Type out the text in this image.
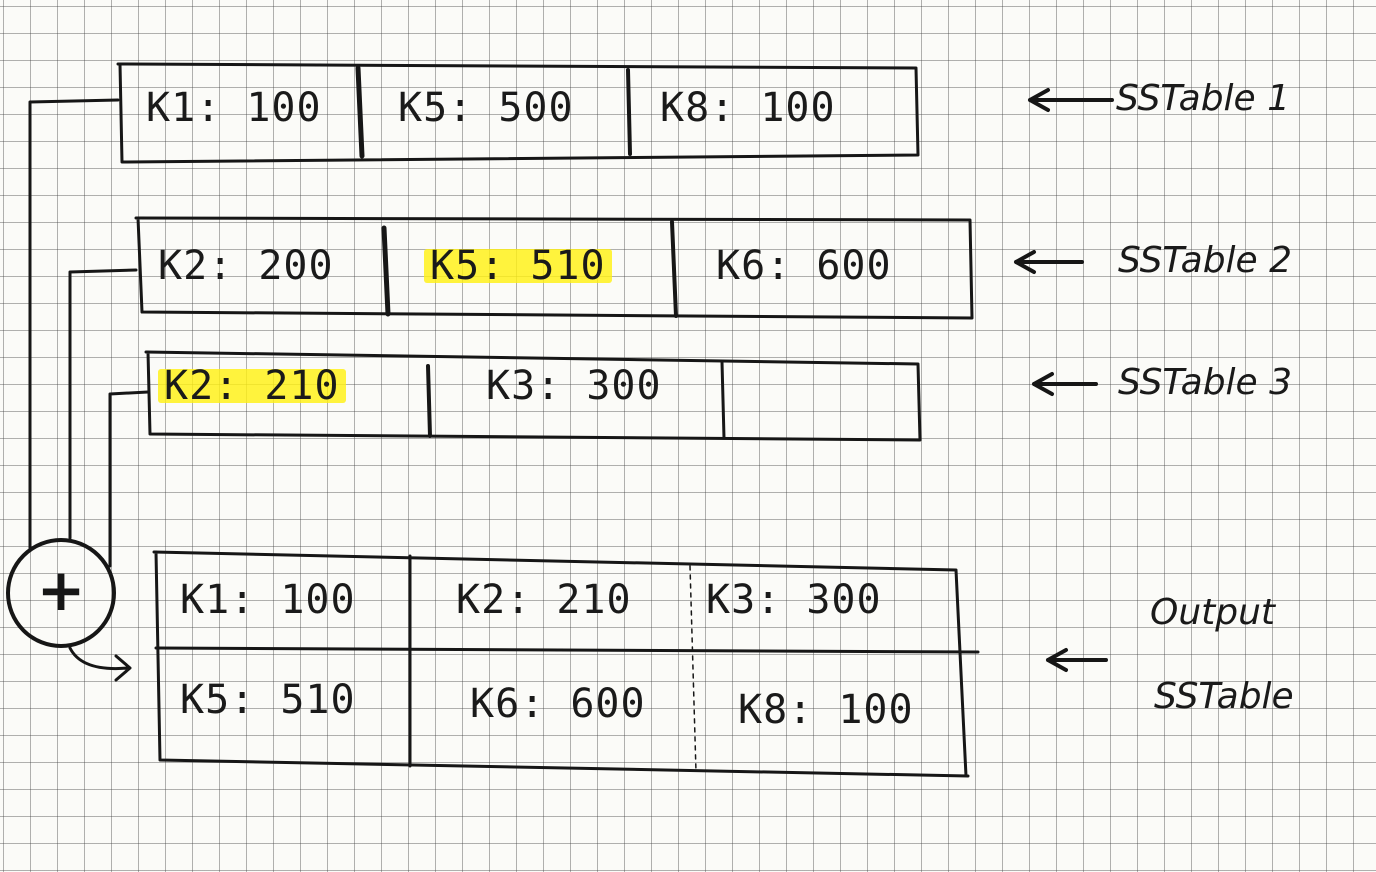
K1: 100 K5: 500 K8: 100
K2: 200 K5: 510	K6: 600
K2: 210	K3: 300
K1: 100	K2: 210 K3: 300
K5: 510	K6: 600 K8: 100
+
SSTable 1
SSTable 2
SSTable 3
Output
SSTable
